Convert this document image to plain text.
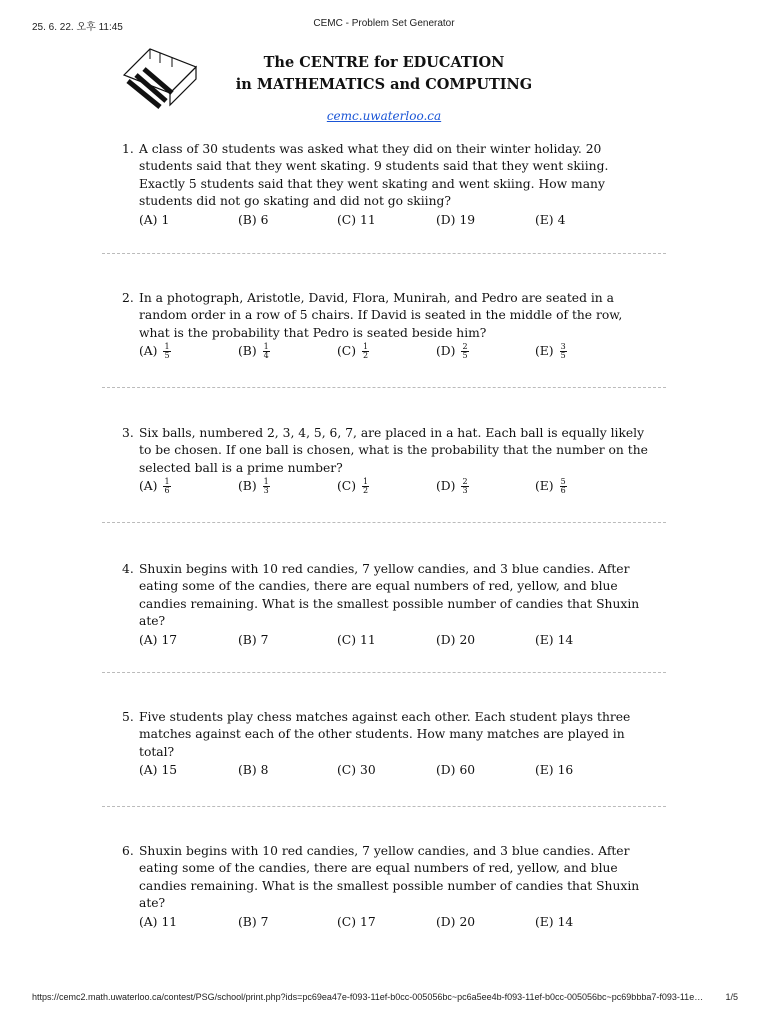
25. 6. 22. 오후 11:45	CEMC - Problem Set Generator
The CENTRE for EDUCATION
in MATHEMATICS and COMPUTING
cemc.uwaterloo.ca
1. A class of 30 students was asked what they did on their winter holiday. 20 students said that they went skating. 9 students said that they went skiing. Exactly 5 students said that they went skating and went skiing. How many students did not go skating and did not go skiing?
(A) 1	(B) 6	(C) 11	(D) 19	(E) 4
2. In a photograph, Aristotle, David, Flora, Munirah, and Pedro are seated in a random order in a row of 5 chairs. If David is seated in the middle of the row, what is the probability that Pedro is seated beside him?
$(A) \frac{1}{5}$	$(B) \frac{1}{4}$	$(C) \frac{1}{2}$	$(D) \frac{2}{5}$	$(E) \frac{3}{5}$
3. Six balls, numbered 2, 3, 4, 5, 6, 7, are placed in a hat. Each ball is equally likely to be chosen. If one ball is chosen, what is the probability that the number on the selected ball is a prime number?
$(A) \frac{1}{6}$	$(B) \frac{1}{3}$	$(C) \frac{1}{2}$	$(D) \frac{2}{3}$	$(E) \frac{5}{6}$
4. Shuxin begins with 10 red candies, 7 yellow candies, and 3 blue candies. After eating some of the candies, there are equal numbers of red, yellow, and blue candies remaining. What is the smallest possible number of candies that Shuxin ate?
(A) 17	(B) 7	(C) 11	(D) 20	(E) 14
5. Five students play chess matches against each other. Each student plays three matches against each of the other students. How many matches are played in total?
(A) 15	(B) 8	(C) 30	(D) 60	(E) 16
6. Shuxin begins with 10 red candies, 7 yellow candies, and 3 blue candies. After eating some of the candies, there are equal numbers of red, yellow, and blue candies remaining. What is the smallest possible number of candies that Shuxin ate?
(A) 11	(B) 7	(C) 17	(D) 20	(E) 14
https://cemc2.math.uwaterloo.ca/contest/PSG/school/print.php?ids=pc69ea47e-f093-11ef-b0cc-005056bc~pc6a5ee4b-f093-11ef-b0cc-005056bc~pc69bbba7-f093-11e…	1/5
